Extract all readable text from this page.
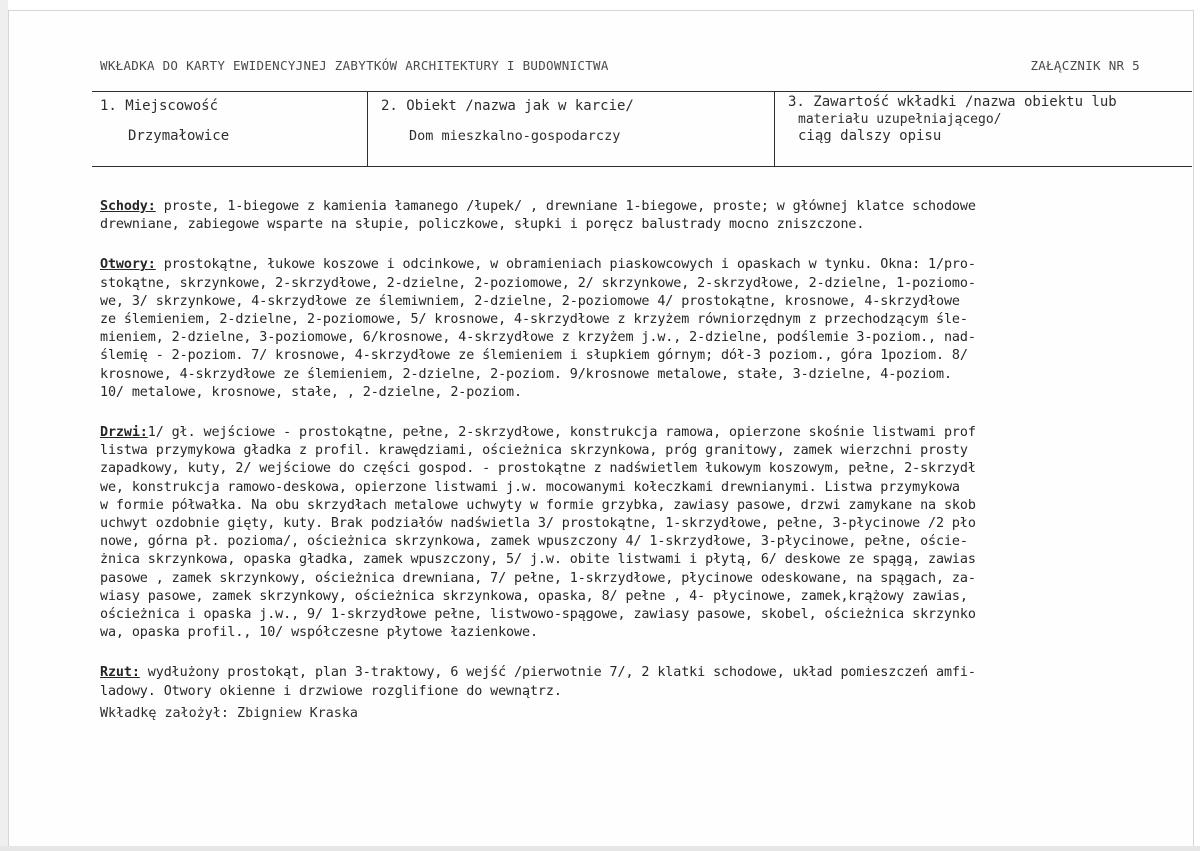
WKŁADKA DO KARTY EWIDENCYJNEJ ZABYTKÓW ARCHITEKTURY I BUDOWNICTWA	ZAŁĄCZNIK NR 5
1. Miejscowość
Drzymałowice
2. Obiekt /nazwa jak w karcie/
Dom mieszkalno-gospodarczy
3. Zawartość wkładki /nazwa obiektu lub
materiału uzupełniającego/
ciąg dalszy opisu
Schody: proste, 1-biegowe z kamienia łamanego /łupek/ , drewniane 1-biegowe, proste; w głównej klatce schodowe
drewniane, zabiegowe wsparte na słupie, policzkowe, słupki i poręcz balustrady mocno zniszczone.
Otwory: prostokątne, łukowe koszowe i odcinkowe, w obramieniach piaskowcowych i opaskach w tynku. Okna: 1/pro-
stokątne, skrzynkowe, 2-skrzydłowe, 2-dzielne, 2-poziomowe, 2/ skrzynkowe, 2-skrzydłowe, 2-dzielne, 1-poziomo-
we, 3/ skrzynkowe, 4-skrzydłowe ze ślemiwniem, 2-dzielne, 2-poziomowe 4/ prostokątne, krosnowe, 4-skrzydłowe
ze ślemieniem, 2-dzielne, 2-poziomowe, 5/ krosnowe, 4-skrzydłowe z krzyżem równiorzędnym z przechodzącym śle-
mieniem, 2-dzielne, 3-poziomowe, 6/krosnowe, 4-skrzydłowe z krzyżem j.w., 2-dzielne, podślemie 3-poziom., nad-
ślemię - 2-poziom. 7/ krosnowe, 4-skrzydłowe ze ślemieniem i słupkiem górnym; dół-3 poziom., góra 1poziom. 8/
krosnowe, 4-skrzydłowe ze ślemieniem, 2-dzielne, 2-poziom. 9/krosnowe metalowe, stałe, 3-dzielne, 4-poziom.
10/ metalowe, krosnowe, stałe, , 2-dzielne, 2-poziom.
Drzwi:1/ gł. wejściowe - prostokątne, pełne, 2-skrzydłowe, konstrukcja ramowa, opierzone skośnie listwami prof
listwa przymykowa gładka z profil. krawędziami, ościeżnica skrzynkowa, próg granitowy, zamek wierzchni prosty
zapadkowy, kuty, 2/ wejściowe do części gospod. - prostokątne z nadświetlem łukowym koszowym, pełne, 2-skrzydł
we, konstrukcja ramowo-deskowa, opierzone listwami j.w. mocowanymi kołeczkami drewnianymi. Listwa przymykowa
w formie półwałka. Na obu skrzydłach metalowe uchwyty w formie grzybka, zawiasy pasowe, drzwi zamykane na skob
uchwyt ozdobnie gięty, kuty. Brak podziałów nadświetla 3/ prostokątne, 1-skrzydłowe, pełne, 3-płycinowe /2 pło
nowe, górna pł. pozioma/, ościeżnica skrzynkowa, zamek wpuszczony 4/ 1-skrzydłowe, 3-płycinowe, pełne, oście-
żnica skrzynkowa, opaska gładka, zamek wpuszczony, 5/ j.w. obite listwami i płytą, 6/ deskowe ze spągą, zawias
pasowe , zamek skrzynkowy, ościeżnica drewniana, 7/ pełne, 1-skrzydłowe, płycinowe odeskowane, na spągach, za-
wiasy pasowe, zamek skrzynkowy, ościeżnica skrzynkowa, opaska, 8/ pełne , 4- płycinowe, zamek,krążowy zawias,
ościeżnica i opaska j.w., 9/ 1-skrzydłowe pełne, listwowo-spągowe, zawiasy pasowe, skobel, ościeżnica skrzynko
wa, opaska profil., 10/ współczesne płytowe łazienkowe.
Rzut: wydłużony prostokąt, plan 3-traktowy, 6 wejść /pierwotnie 7/, 2 klatki schodowe, układ pomieszczeń amfi-
ladowy. Otwory okienne i drzwiowe rozglifione do wewnątrz.
Wkładkę założył: Zbigniew Kraska
